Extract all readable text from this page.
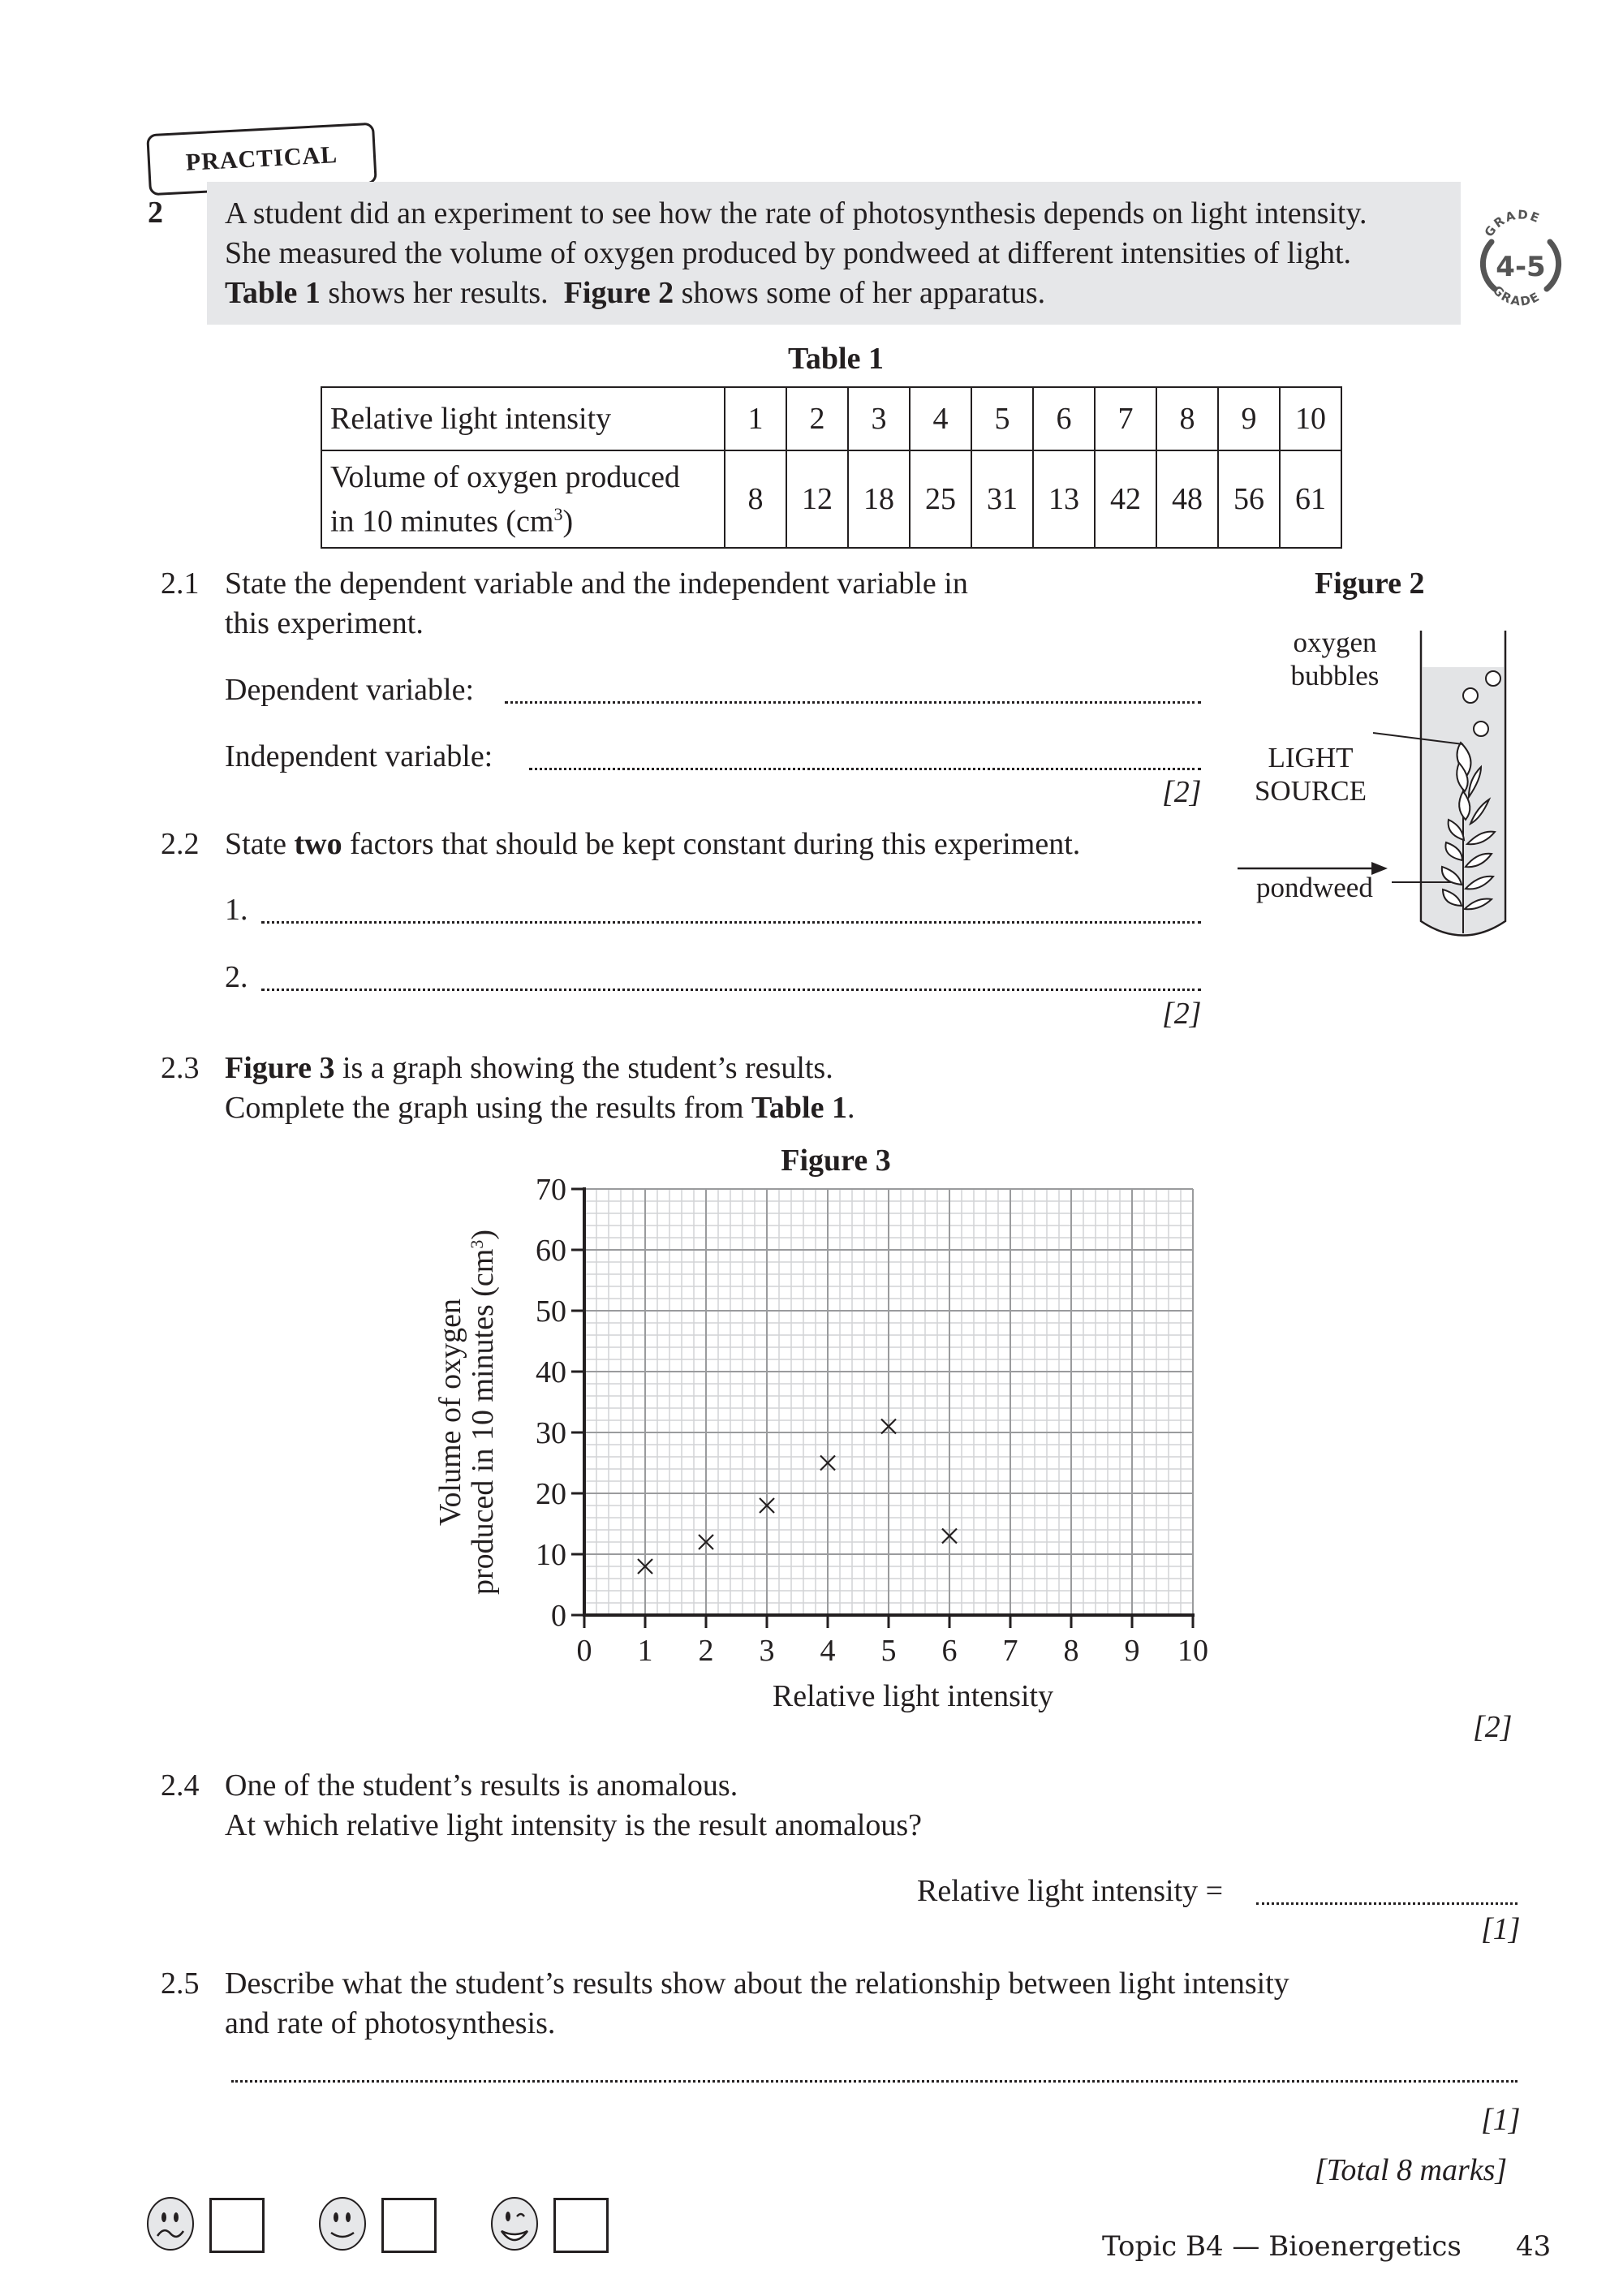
PRACTICAL
2 A student did an experiment to see how the rate of photosynthesis depends on light intensity.
She measured the volume of oxygen produced by pondweed at different intensities of light.
Table 1 shows her results.  Figure 2 shows some of her apparatus.
GRADE
GRADE
4-5
Table 1
Relative light intensity	1	2	3	4	5	6	7	8	9	10

Volume of oxygen produced
in 10 minutes $(cm^3)$	8	12	18	25	31	13	42	48	56	61
2.1 State the dependent variable and the independent variable in
this experiment.
Dependent variable:
Independent variable:
[2]
Figure 2
oxygen
bubbles
LIGHT
SOURCE
pondweed
2.2 State two factors that should be kept constant during this experiment.
1.
2.
[2]
2.3 Figure 3 is a graph showing the student’s results.
Complete the graph using the results from Table 1.
Figure 3
0 1 2 3 4 5 6 7 8 9 10
0
10
20
30
40
50
60
70
Relative light intensity
Volume of oxygen
produced in 10 minutes $(cm^3)$
[2]
2.4 One of the student’s results is anomalous.
At which relative light intensity is the result anomalous?
Relative light intensity =
[1]
2.5 Describe what the student’s results show about the relationship between light intensity
and rate of photosynthesis.
[1]
[Total 8 marks]
Topic B4 — Bioenergetics 43
